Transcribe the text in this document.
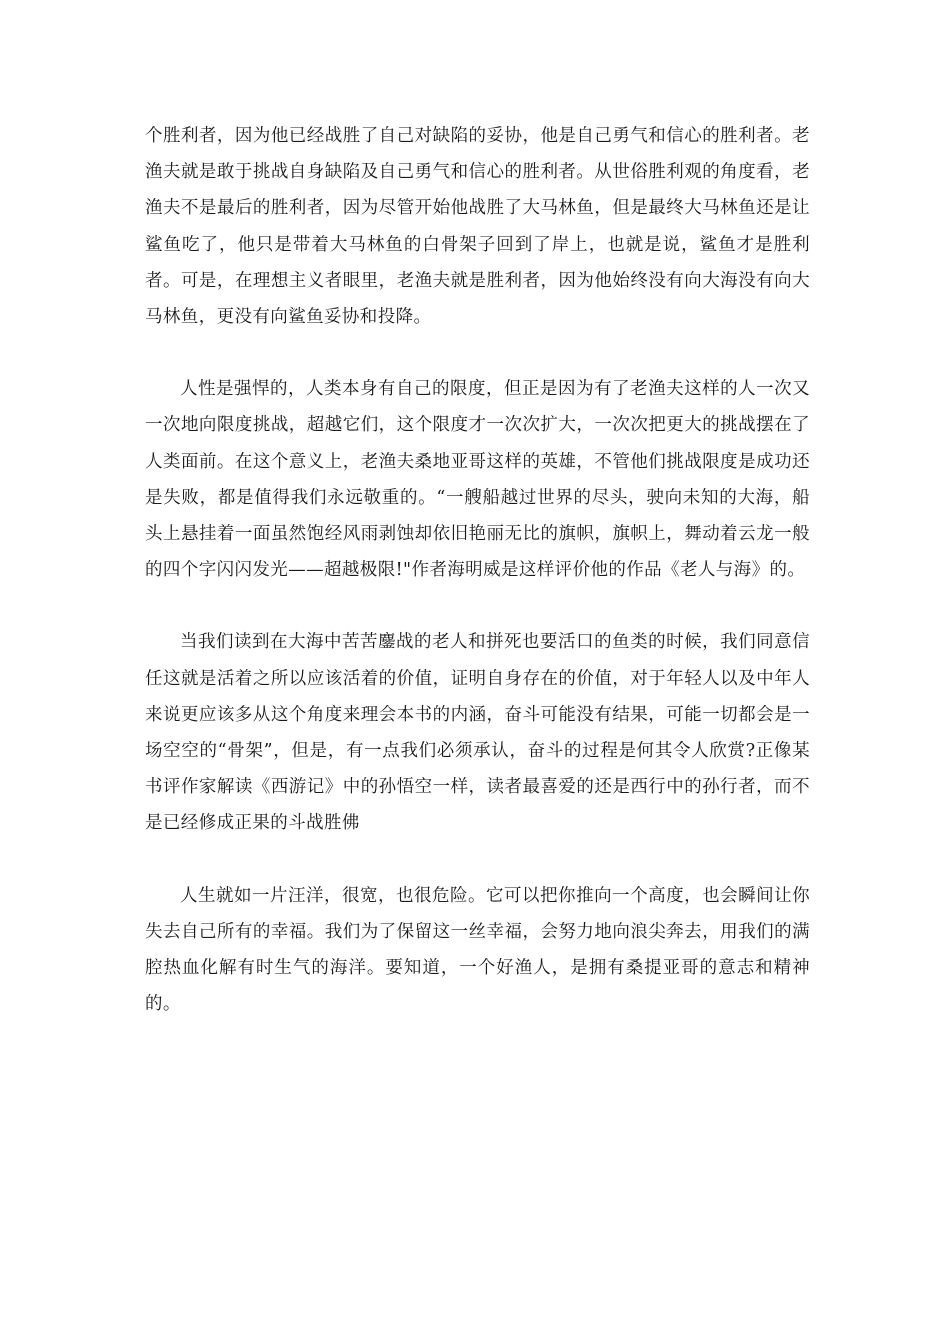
个胜利者，因为他已经战胜了自己对缺陷的妥协，他是自己勇气和信心的胜利者。老渔夫就是敢于挑战自身缺陷及自己勇气和信心的胜利者。从世俗胜利观的角度看，老渔夫不是最后的胜利者，因为尽管开始他战胜了大马林鱼，但是最终大马林鱼还是让鲨鱼吃了，他只是带着大马林鱼的白骨架子回到了岸上，也就是说，鲨鱼才是胜利者。可是，在理想主义者眼里，老渔夫就是胜利者，因为他始终没有向大海没有向大马林鱼，更没有向鲨鱼妥协和投降。

人性是强悍的，人类本身有自己的限度，但正是因为有了老渔夫这样的人一次又一次地向限度挑战，超越它们，这个限度才一次次扩大，一次次把更大的挑战摆在了人类面前。在这个意义上，老渔夫桑地亚哥这样的英雄，不管他们挑战限度是成功还是失败，都是值得我们永远敬重的。“一艘船越过世界的尽头，驶向未知的大海，船头上悬挂着一面虽然饱经风雨剥蚀却依旧艳丽无比的旗帜，旗帜上，舞动着云龙一般的四个字闪闪发光——超越极限!"作者海明威是这样评价他的作品《老人与海》的。

当我们读到在大海中苦苦鏖战的老人和拼死也要活口的鱼类的时候，我们同意信任这就是活着之所以应该活着的价值，证明自身存在的价值，对于年轻人以及中年人来说更应该多从这个角度来理会本书的内涵，奋斗可能没有结果，可能一切都会是一场空空的“骨架”，但是，有一点我们必须承认，奋斗的过程是何其令人欣赏?正像某书评作家解读《西游记》中的孙悟空一样，读者最喜爱的还是西行中的孙行者，而不是已经修成正果的斗战胜佛

人生就如一片汪洋，很宽，也很危险。它可以把你推向一个高度，也会瞬间让你失去自己所有的幸福。我们为了保留这一丝幸福，会努力地向浪尖奔去，用我们的满腔热血化解有时生气的海洋。要知道，一个好渔人，是拥有桑提亚哥的意志和精神的。
